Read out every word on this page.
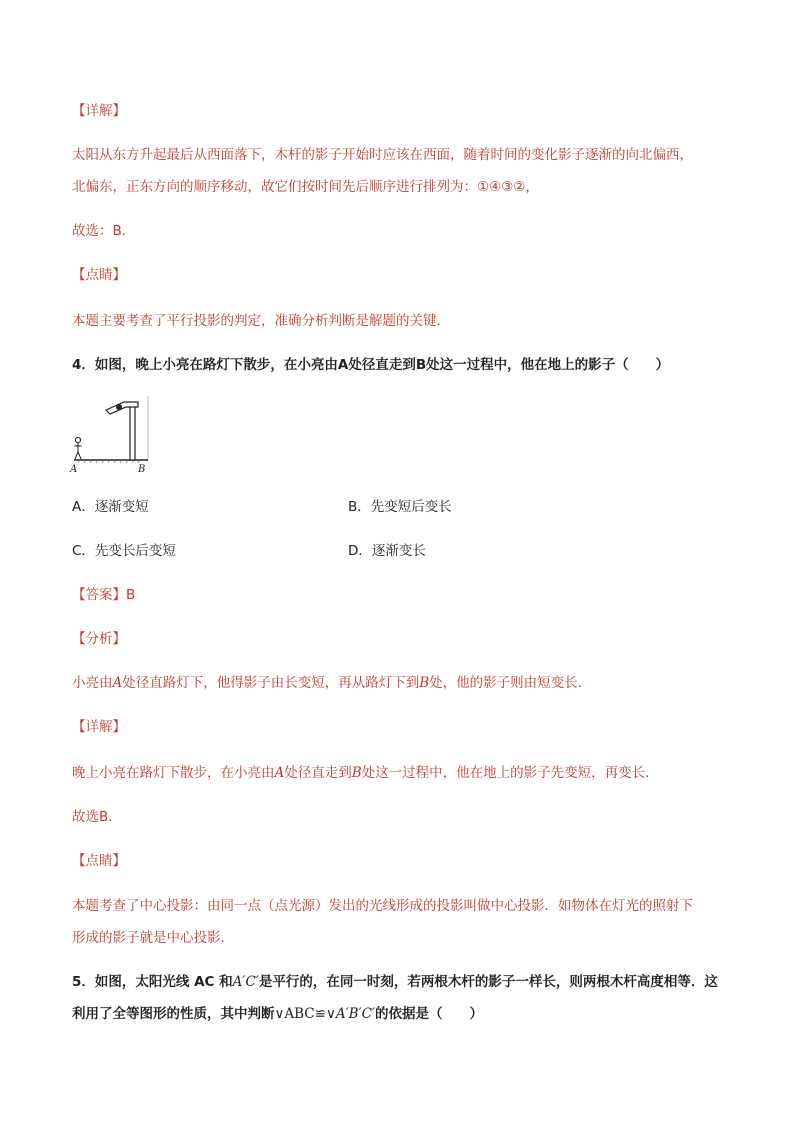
【详解】
太阳从东方升起最后从西面落下，木杆的影子开始时应该在西面，随着时间的变化影子逐渐的向北偏西，
北偏东，正东方向的顺序移动，故它们按时间先后顺序进行排列为：①④③②，
故选：B．
【点睛】
本题主要考查了平行投影的判定，准确分析判断是解题的关键．
4．如图，晚上小亮在路灯下散步，在小亮由A处径直走到B处这一过程中，他在地上的影子（　　）
A	B
A．逐渐变短	B．先变短后变长
C．先变长后变短	D．逐渐变长
【答案】B
【分析】
小亮由A处径直路灯下，他得影子由长变短，再从路灯下到B处，他的影子则由短变长.
【详解】
晚上小亮在路灯下散步，在小亮由A处径直走到B处这一过程中，他在地上的影子先变短，再变长.
故选B．
【点睛】
本题考查了中心投影：由同一点（点光源）发出的光线形成的投影叫做中心投影．如物体在灯光的照射下
形成的影子就是中心投影.
5．如图，太阳光线 AC 和A′C′是平行的，在同一时刻，若两根木杆的影子一样长，则两根木杆高度相等．这
利用了全等图形的性质，其中判断∨ABC≌∨A′B′C′的依据是（　　）
